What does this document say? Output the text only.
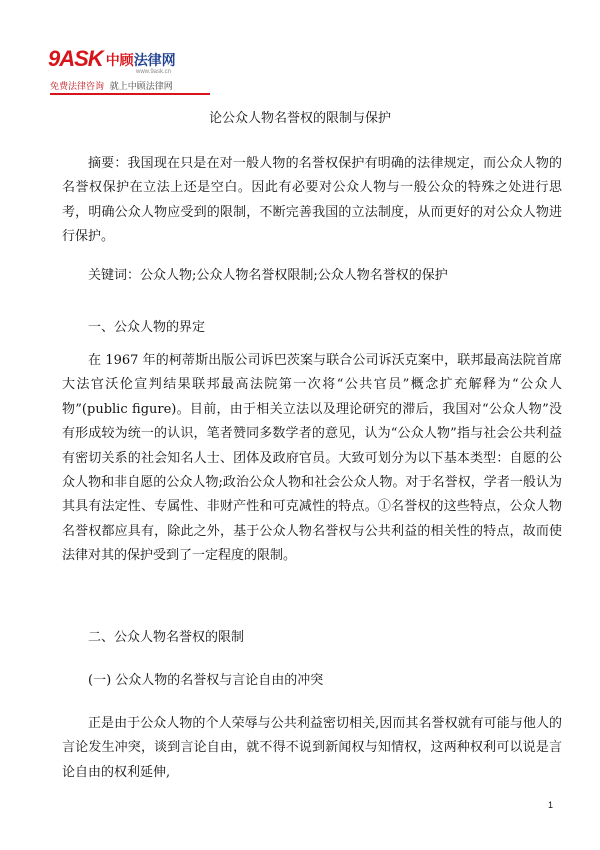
9ASK 中顾 法律网
www.9ask.cn
免费法律咨询 就上中顾法律网
论公众人物名誉权的限制与保护

摘要：我国现在只是在对一般人物的名誉权保护有明确的法律规定，而公众人物的名誉权保护在立法上还是空白。因此有必要对公众人物与一般公众的特殊之处进行思考，明确公众人物应受到的限制，不断完善我国的立法制度，从而更好的对公众人物进行保护。

关键词：公众人物;公众人物名誉权限制;公众人物名誉权的保护

一、公众人物的界定

在 1967 年的柯蒂斯出版公司诉巴茨案与联合公司诉沃克案中，联邦最高法院首席大法官沃伦宣判结果联邦最高法院第一次将“公共官员”概念扩充解释为“公众人物”(public figure)。目前，由于相关立法以及理论研究的滞后，我国对“公众人物”没有形成较为统一的认识，笔者赞同多数学者的意见，认为“公众人物”指与社会公共利益有密切关系的社会知名人士、团体及政府官员。大致可划分为以下基本类型：自愿的公众人物和非自愿的公众人物;政治公众人物和社会公众人物。对于名誉权，学者一般认为其具有法定性、专属性、非财产性和可克减性的特点。①名誉权的这些特点，公众人物名誉权都应具有，除此之外，基于公众人物名誉权与公共利益的相关性的特点，故而使法律对其的保护受到了一定程度的限制。

二、公众人物名誉权的限制

(一) 公众人物的名誉权与言论自由的冲突

正是由于公众人物的个人荣辱与公共利益密切相关,因而其名誉权就有可能与他人的言论发生冲突，谈到言论自由，就不得不说到新闻权与知情权，这两种权利可以说是言论自由的权利延伸,

1
